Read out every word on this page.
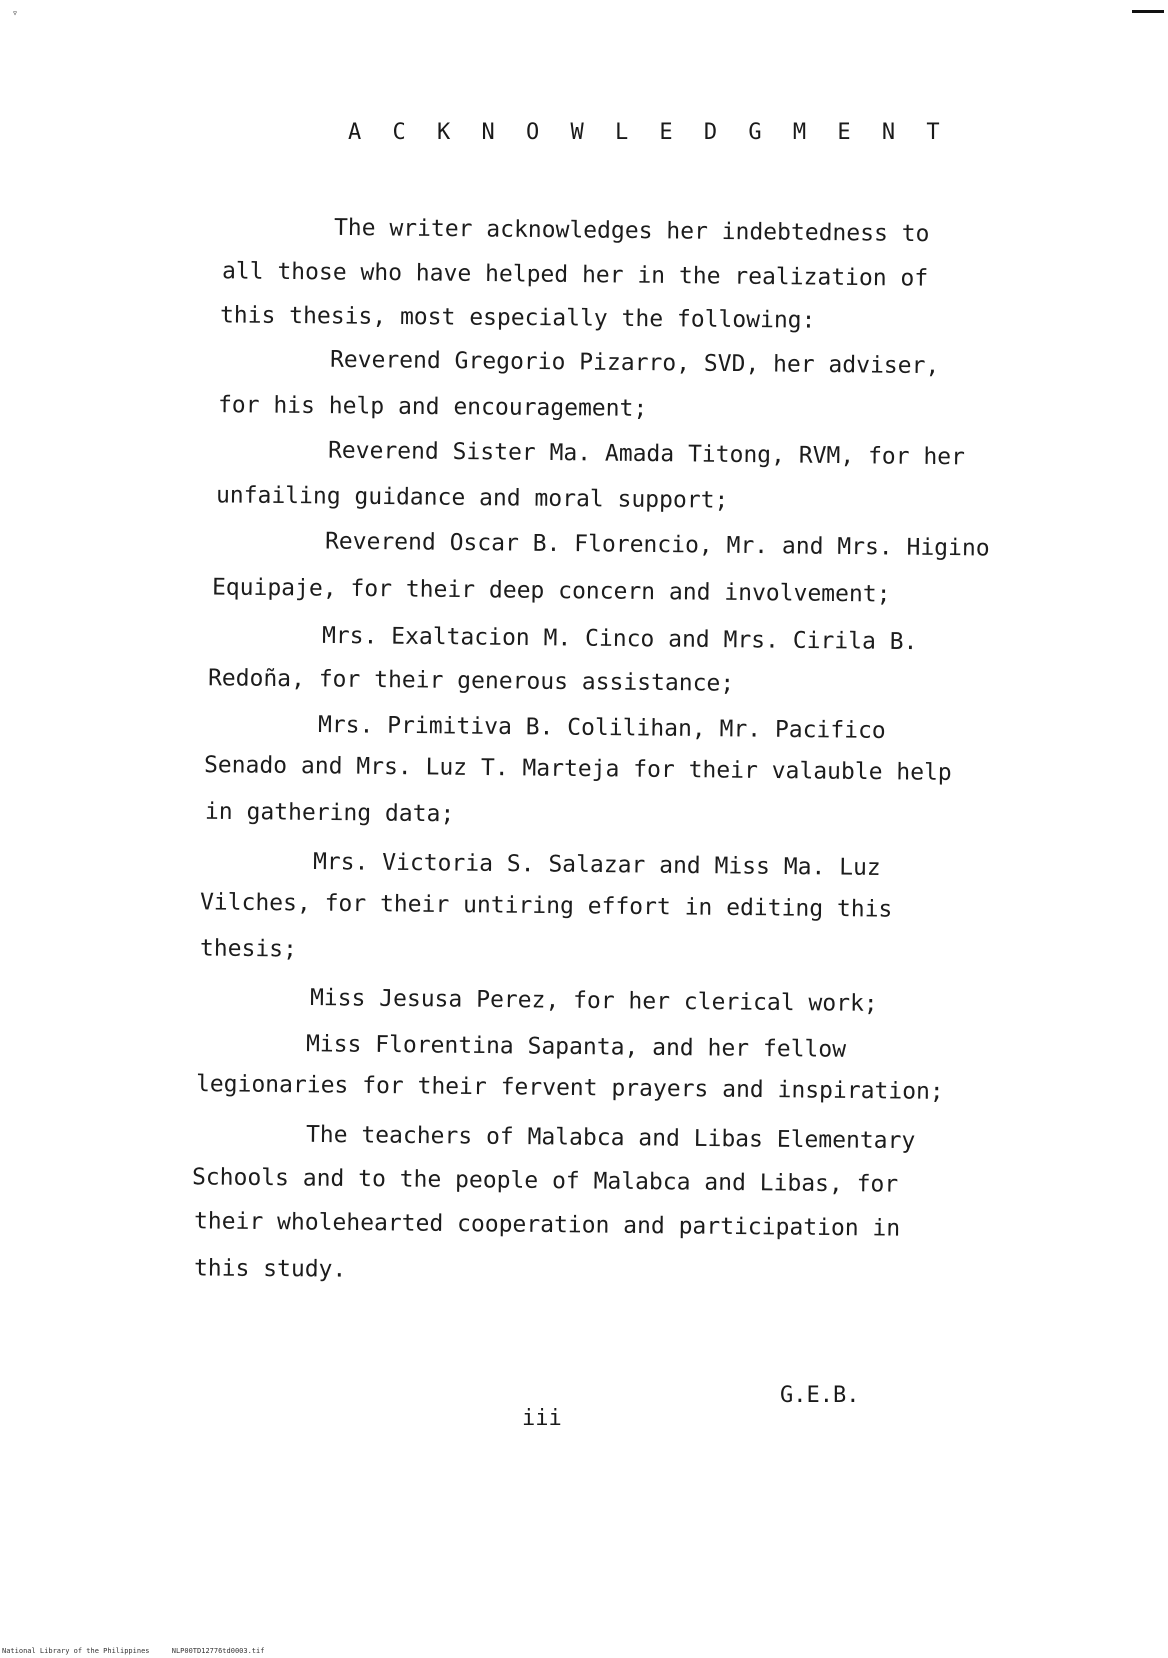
▿
A C K N O W L E D G M E N T
The writer acknowledges her indebtedness to
all those who have helped her in the realization of
this thesis, most especially the following:
Reverend Gregorio Pizarro, SVD, her adviser,
for his help and encouragement;
Reverend Sister Ma. Amada Titong, RVM, for her
unfailing guidance and moral support;
Reverend Oscar B. Florencio, Mr. and Mrs. Higino
Equipaje, for their deep concern and involvement;
Mrs. Exaltacion M. Cinco and Mrs. Cirila B.
Redoña, for their generous assistance;
Mrs. Primitiva B. Colilihan, Mr. Pacifico
Senado and Mrs. Luz T. Marteja for their valauble help
in gathering data;
Mrs. Victoria S. Salazar and Miss Ma. Luz
Vilches, for their untiring effort in editing this
thesis;
Miss Jesusa Perez, for her clerical work;
Miss Florentina Sapanta, and her fellow
legionaries for their fervent prayers and inspiration;
The teachers of Malabca and Libas Elementary
Schools and to the people of Malabca and Libas, for
their wholehearted cooperation and participation in
this study.
G.E.B.
iii
National Library of the Philippines	NLP00TD12776td0003.tif
